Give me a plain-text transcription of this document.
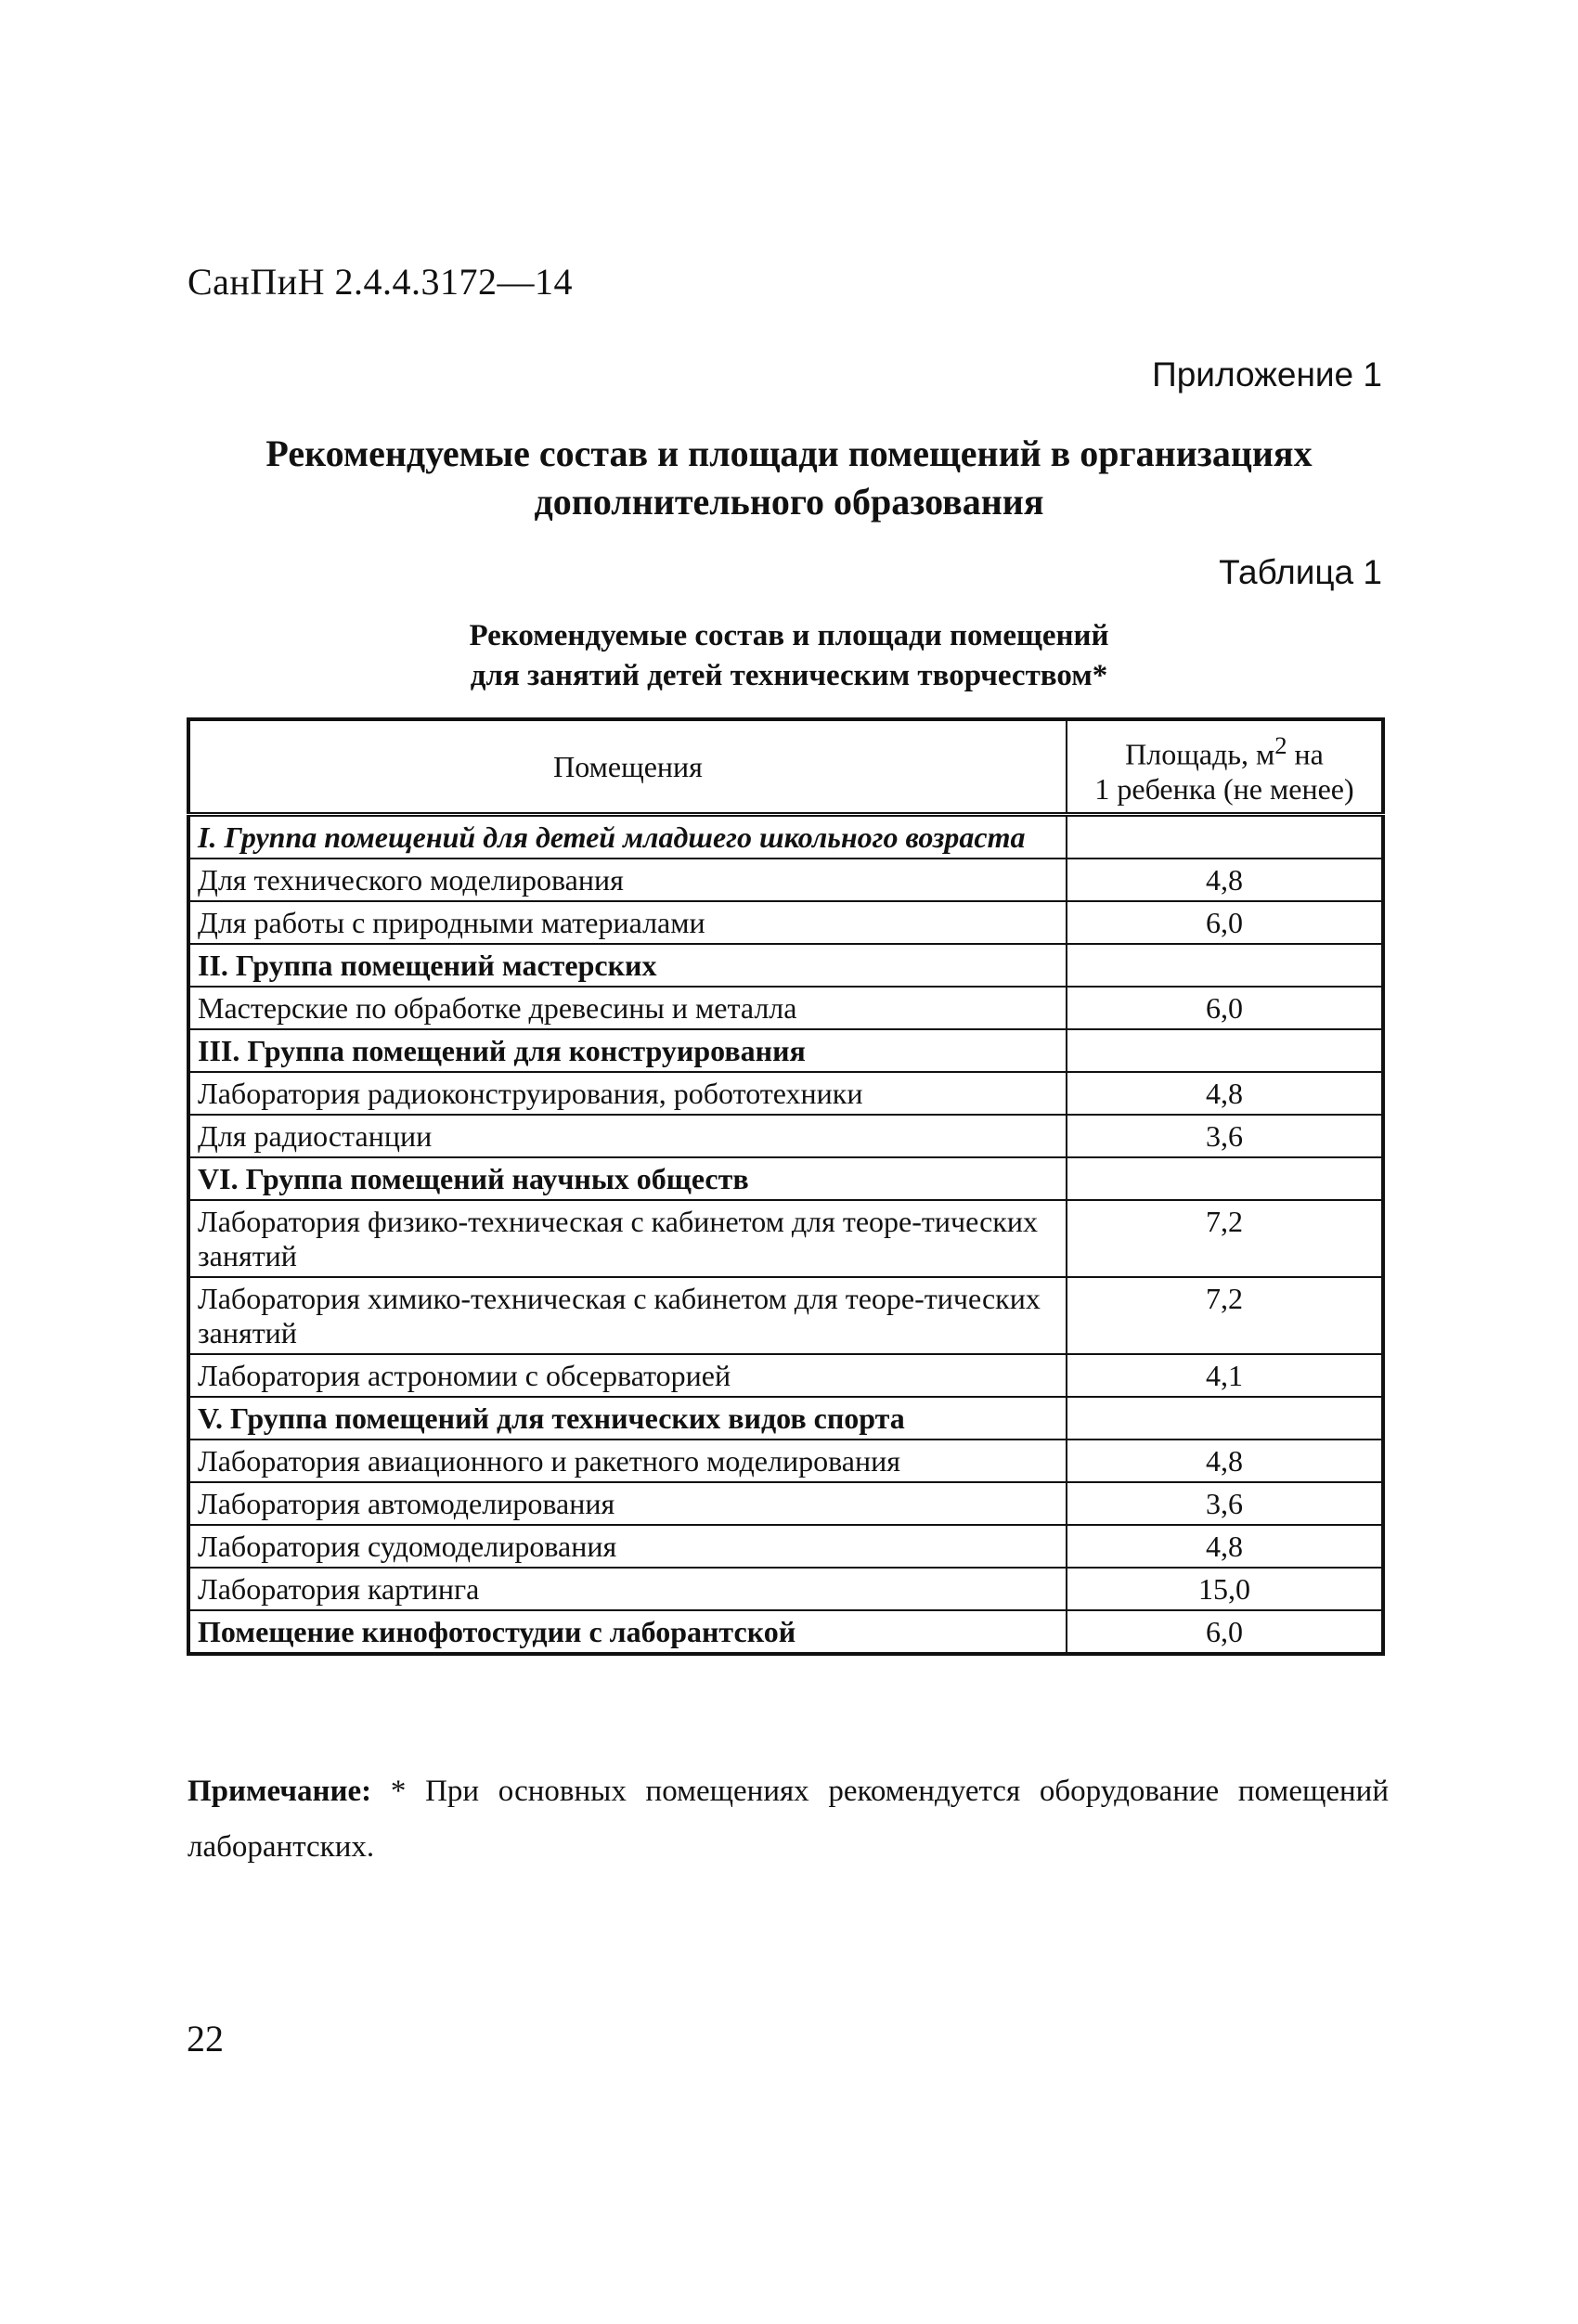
СанПиН 2.4.4.3172—14
Приложение 1
Рекомендуемые состав и площади помещений в организациях
дополнительного образования
Таблица 1
Рекомендуемые состав и площади помещений
для занятий детей техническим творчеством*
Помещения	Площадь, $м^2$ на
1 ребенка (не менее)
I. Группа помещений для детей младшего школьного возраста	
Для технического моделирования	4,8
Для работы с природными материалами	6,0
II. Группа помещений мастерских	
Мастерские по обработке древесины и металла	6,0
III. Группа помещений для конструирования	
Лаборатория радиоконструирования, робототехники	4,8
Для радиостанции	3,6
VI. Группа помещений научных обществ	
Лаборатория физико-техническая с кабинетом для теоре-тических занятий	7,2
Лаборатория химико-техническая с кабинетом для теоре-тических занятий	7,2
Лаборатория астрономии с обсерваторией	4,1
V. Группа помещений для технических видов спорта	
Лаборатория авиационного и ракетного моделирования	4,8
Лаборатория автомоделирования	3,6
Лаборатория судомоделирования	4,8
Лаборатория картинга	15,0
Помещение кинофотостудии с лаборантской	6,0
Примечание: * При основных помещениях рекомендуется оборудование помещений лаборантских.
22
